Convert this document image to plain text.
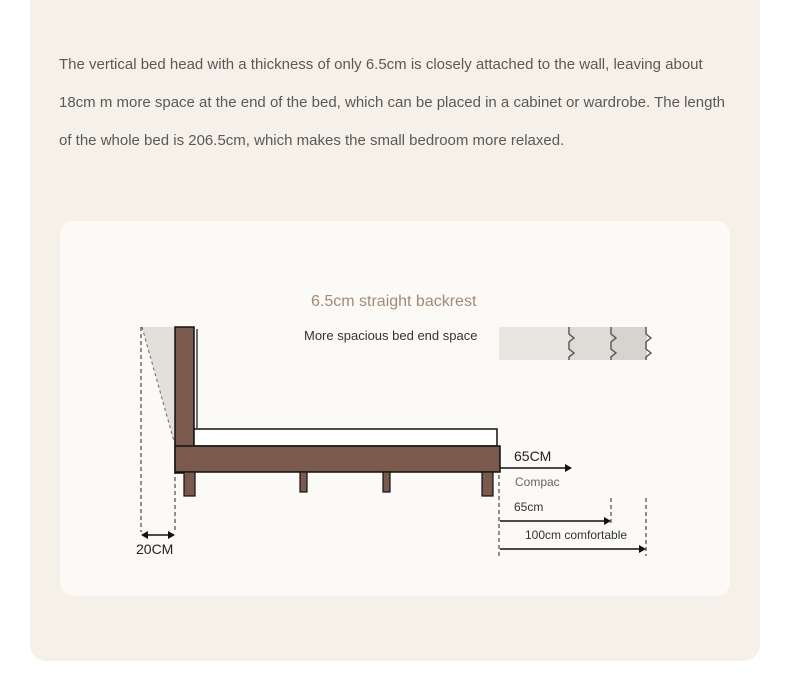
The vertical bed head with a thickness of only 6.5cm is closely attached to the wall, leaving about 18cm m more space at the end of the bed, which can be placed in a cabinet or wardrobe. The length of the whole bed is 206.5cm, which makes the small bedroom more relaxed.

6.5cm straight backrest
More spacious bed end space
20CM
65CM
Compac
65cm
100cm comfortable
